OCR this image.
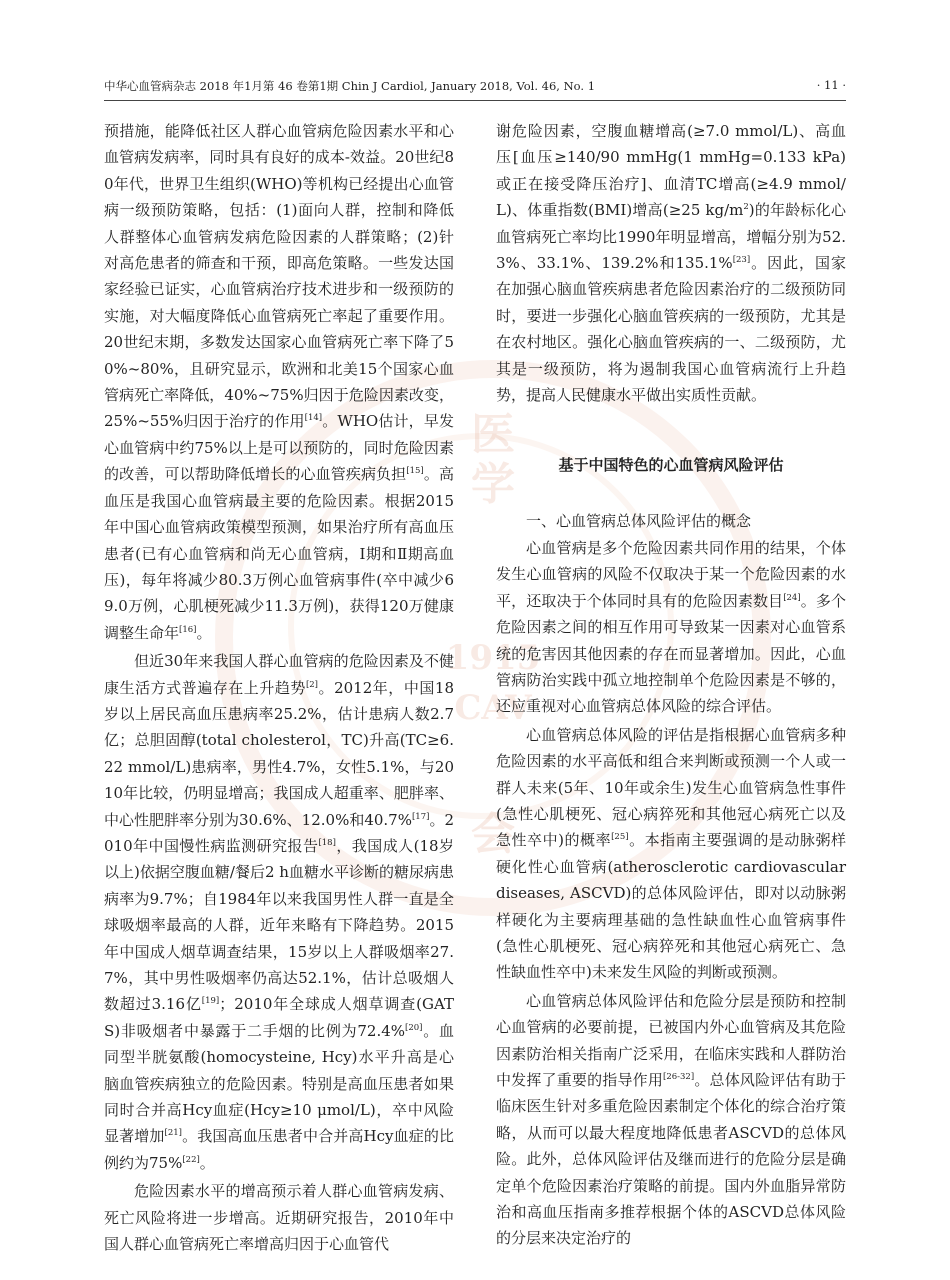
医
学
1915
CAV
会
中华心血管病杂志 2018 年1月第 46 卷第1期 Chin J Cardiol, January 2018, Vol. 46, No. 1	· 11 ·

预措施，能降低社区人群心血管病危险因素水平和心血管病发病率，同时具有良好的成本-效益。20世纪80年代，世界卫生组织(WHO)等机构已经提出心血管病一级预防策略，包括：(1)面向人群，控制和降低人群整体心血管病发病危险因素的人群策略；(2)针对高危患者的筛查和干预，即高危策略。一些发达国家经验已证实，心血管病治疗技术进步和一级预防的实施，对大幅度降低心血管病死亡率起了重要作用。20世纪末期，多数发达国家心血管病死亡率下降了50%~80%，且研究显示，欧洲和北美15个国家心血管病死亡率降低，40%~75%归因于危险因素改变，25%~55%归因于治疗的作用[14]。WHO估计，早发心血管病中约75%以上是可以预防的，同时危险因素的改善，可以帮助降低增长的心血管疾病负担[15]。高血压是我国心血管病最主要的危险因素。根据2015年中国心血管病政策模型预测，如果治疗所有高血压患者(已有心血管病和尚无心血管病，Ⅰ期和Ⅱ期高血压)，每年将减少80.3万例心血管病事件(卒中减少69.0万例，心肌梗死减少11.3万例)，获得120万健康调整生命年[16]。

但近30年来我国人群心血管病的危险因素及不健康生活方式普遍存在上升趋势[2]。2012年，中国18岁以上居民高血压患病率25.2%，估计患病人数2.7亿；总胆固醇(total cholesterol，TC)升高(TC≥6.22 mmol/L)患病率，男性4.7%，女性5.1%，与2010年比较，仍明显增高；我国成人超重率、肥胖率、中心性肥胖率分别为30.6%、12.0%和40.7%[17]。2010年中国慢性病监测研究报告[18]，我国成人(18岁以上)依据空腹血糖/餐后2 h血糖水平诊断的糖尿病患病率为9.7%；自1984年以来我国男性人群一直是全球吸烟率最高的人群，近年来略有下降趋势。2015年中国成人烟草调查结果，15岁以上人群吸烟率27.7%，其中男性吸烟率仍高达52.1%，估计总吸烟人数超过3.16亿[19]；2010年全球成人烟草调查(GATS)非吸烟者中暴露于二手烟的比例为72.4%[20]。血同型半胱氨酸(homocysteine, Hcy)水平升高是心脑血管疾病独立的危险因素。特别是高血压患者如果同时合并高Hcy血症(Hcy≥10 μmol/L)，卒中风险显著增加[21]。我国高血压患者中合并高Hcy血症的比例约为75%[22]。

危险因素水平的增高预示着人群心血管病发病、死亡风险将进一步增高。近期研究报告，2010年中国人群心血管病死亡率增高归因于心血管代

谢危险因素，空腹血糖增高(≥7.0 mmol/L)、高血压[血压≥140/90 mmHg(1 mmHg=0.133 kPa)或正在接受降压治疗]、血清TC增高(≥4.9 mmol/L)、体重指数(BMI)增高(≥25 kg/m$^2$)的年龄标化心血管病死亡率均比1990年明显增高，增幅分别为52.3%、33.1%、139.2%和135.1%[23]。因此，国家在加强心脑血管疾病患者危险因素治疗的二级预防同时，要进一步强化心脑血管疾病的一级预防，尤其是在农村地区。强化心脑血管疾病的一、二级预防，尤其是一级预防，将为遏制我国心血管病流行上升趋势，提高人民健康水平做出实质性贡献。

基于中国特色的心血管病风险评估

一、心血管病总体风险评估的概念

心血管病是多个危险因素共同作用的结果，个体发生心血管病的风险不仅取决于某一个危险因素的水平，还取决于个体同时具有的危险因素数目[24]。多个危险因素之间的相互作用可导致某一因素对心血管系统的危害因其他因素的存在而显著增加。因此，心血管病防治实践中孤立地控制单个危险因素是不够的，还应重视对心血管病总体风险的综合评估。

心血管病总体风险的评估是指根据心血管病多种危险因素的水平高低和组合来判断或预测一个人或一群人未来(5年、10年或余生)发生心血管病急性事件(急性心肌梗死、冠心病猝死和其他冠心病死亡以及急性卒中)的概率[25]。本指南主要强调的是动脉粥样硬化性心血管病(atherosclerotic cardiovascular diseases, ASCVD)的总体风险评估，即对以动脉粥样硬化为主要病理基础的急性缺血性心血管病事件(急性心肌梗死、冠心病猝死和其他冠心病死亡、急性缺血性卒中)未来发生风险的判断或预测。

心血管病总体风险评估和危险分层是预防和控制心血管病的必要前提，已被国内外心血管病及其危险因素防治相关指南广泛采用，在临床实践和人群防治中发挥了重要的指导作用[26-32]。总体风险评估有助于临床医生针对多重危险因素制定个体化的综合治疗策略，从而可以最大程度地降低患者ASCVD的总体风险。此外，总体风险评估及继而进行的危险分层是确定单个危险因素治疗策略的前提。国内外血脂异常防治和高血压指南多推荐根据个体的ASCVD总体风险的分层来决定治疗的
